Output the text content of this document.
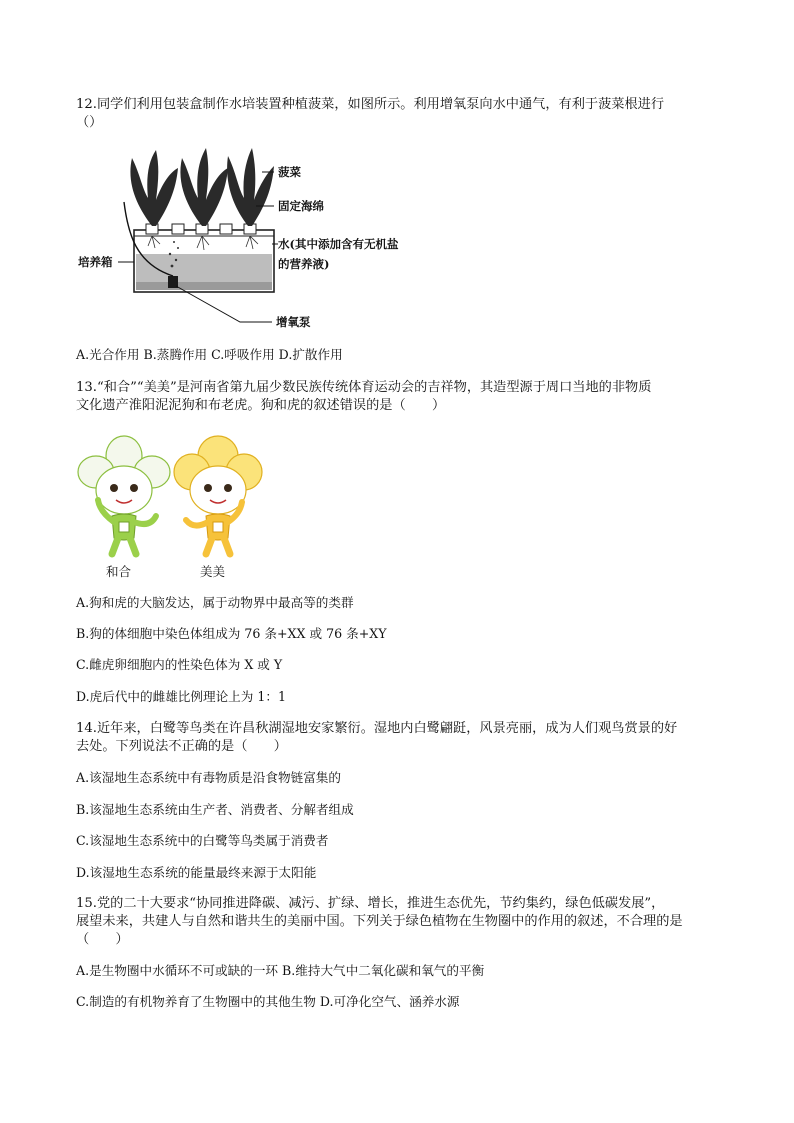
12.同学们利用包装盒制作水培装置种植菠菜，如图所示。利用增氧泵向水中通气，有利于菠菜根进行
（）
菠菜
固定海绵
水(其中添加含有无机盐
的营养液)
培养箱
增氧泵
A.光合作用 B.蒸腾作用 C.呼吸作用 D.扩散作用
13.“和合”“美美”是河南省第九届少数民族传统体育运动会的吉祥物，其造型源于周口当地的非物质
文化遗产淮阳泥泥狗和布老虎。狗和虎的叙述错误的是（　　）
和合	美美
A.狗和虎的大脑发达，属于动物界中最高等的类群
B.狗的体细胞中染色体组成为 76 条+XX 或 76 条+XY
C.雌虎卵细胞内的性染色体为 X 或 Y
D.虎后代中的雌雄比例理论上为 1：1
14.近年来，白鹭等鸟类在许昌秋湖湿地安家繁衍。湿地内白鹭翩跹，风景亮丽，成为人们观鸟赏景的好
去处。下列说法不正确的是（　　）
A.该湿地生态系统中有毒物质是沿食物链富集的
B.该湿地生态系统由生产者、消费者、分解者组成
C.该湿地生态系统中的白鹭等鸟类属于消费者
D.该湿地生态系统的能量最终来源于太阳能
15.党的二十大要求“协同推进降碳、减污、扩绿、增长，推进生态优先，节约集约，绿色低碳发展”，
展望未来，共建人与自然和谐共生的美丽中国。下列关于绿色植物在生物圈中的作用的叙述，不合理的是
（　　）
A.是生物圈中水循环不可或缺的一环 B.维持大气中二氧化碳和氧气的平衡
C.制造的有机物养育了生物圈中的其他生物 D.可净化空气、涵养水源
